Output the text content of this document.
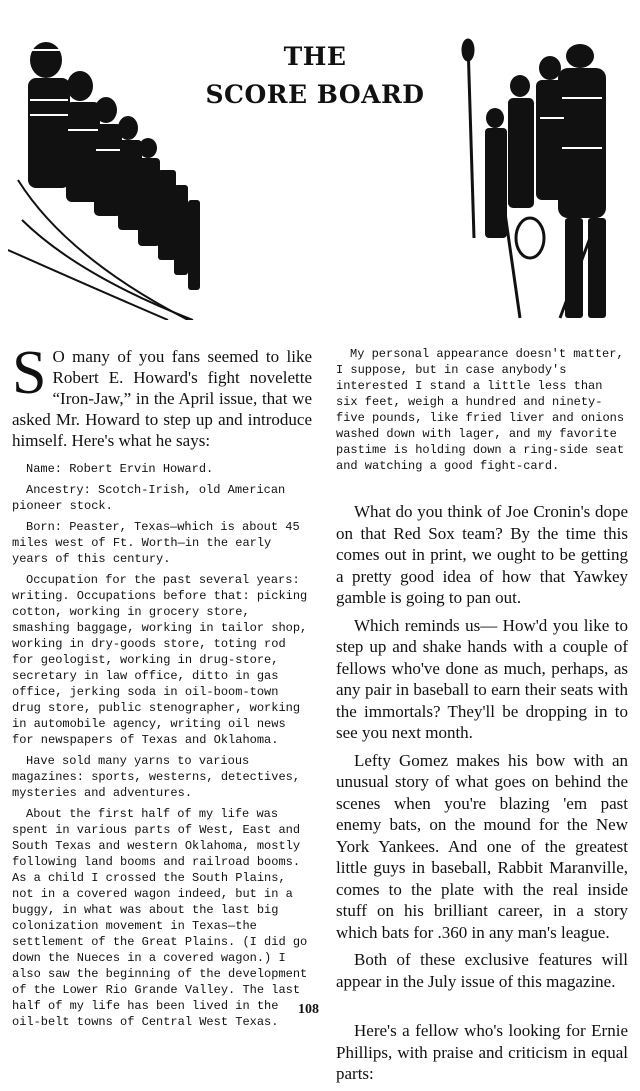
THE
SCORE BOARD

S O many of you fans seemed to like Robert E. Howard's fight novelette “Iron-Jaw,” in the April issue, that we asked Mr. Howard to step up and introduce himself. Here's what he says:

Name: Robert Ervin Howard.

Ancestry: Scotch-Irish, old American pioneer stock.

Born: Peaster, Texas—which is about 45 miles west of Ft. Worth—in the early years of this century.

Occupation for the past several years: writing. Occupations before that: picking cotton, working in grocery store, smashing baggage, working in tailor shop, working in dry-goods store, toting rod for geologist, working in drug-store, secretary in law office, ditto in gas office, jerking soda in oil-boom-town drug store, public stenographer, working in automobile agency, writing oil news for newspapers of Texas and Oklahoma.

Have sold many yarns to various magazines: sports, westerns, detectives, mysteries and adventures.

About the first half of my life was spent in various parts of West, East and South Texas and western Oklahoma, mostly following land booms and railroad booms. As a child I crossed the South Plains, not in a covered wagon indeed, but in a buggy, in what was about the last big colonization movement in Texas—the settlement of the Great Plains. (I did go down the Nueces in a covered wagon.) I also saw the beginning of the development of the Lower Rio Grande Valley. The last half of my life has been lived in the oil-belt towns of Central West Texas.

My personal appearance doesn't matter, I suppose, but in case anybody's interested I stand a little less than six feet, weigh a hundred and ninety-five pounds, like fried liver and onions washed down with lager, and my favorite pastime is holding down a ring-side seat and watching a good fight-card.

What do you think of Joe Cronin's dope on that Red Sox team? By the time this comes out in print, we ought to be getting a pretty good idea of how that Yawkey gamble is going to pan out.

Which reminds us— How'd you like to step up and shake hands with a couple of fellows who've done as much, perhaps, as any pair in baseball to earn their seats with the immortals? They'll be dropping in to see you next month.

Lefty Gomez makes his bow with an unusual story of what goes on behind the scenes when you're blazing 'em past enemy bats, on the mound for the New York Yankees. And one of the greatest little guys in baseball, Rabbit Maranville, comes to the plate with the real inside stuff on his brilliant career, in a story which bats for .360 in any man's league.

Both of these exclusive features will appear in the July issue of this magazine.

Here's a fellow who's looking for Ernie Phillips, with praise and criticism in equal parts:

108
